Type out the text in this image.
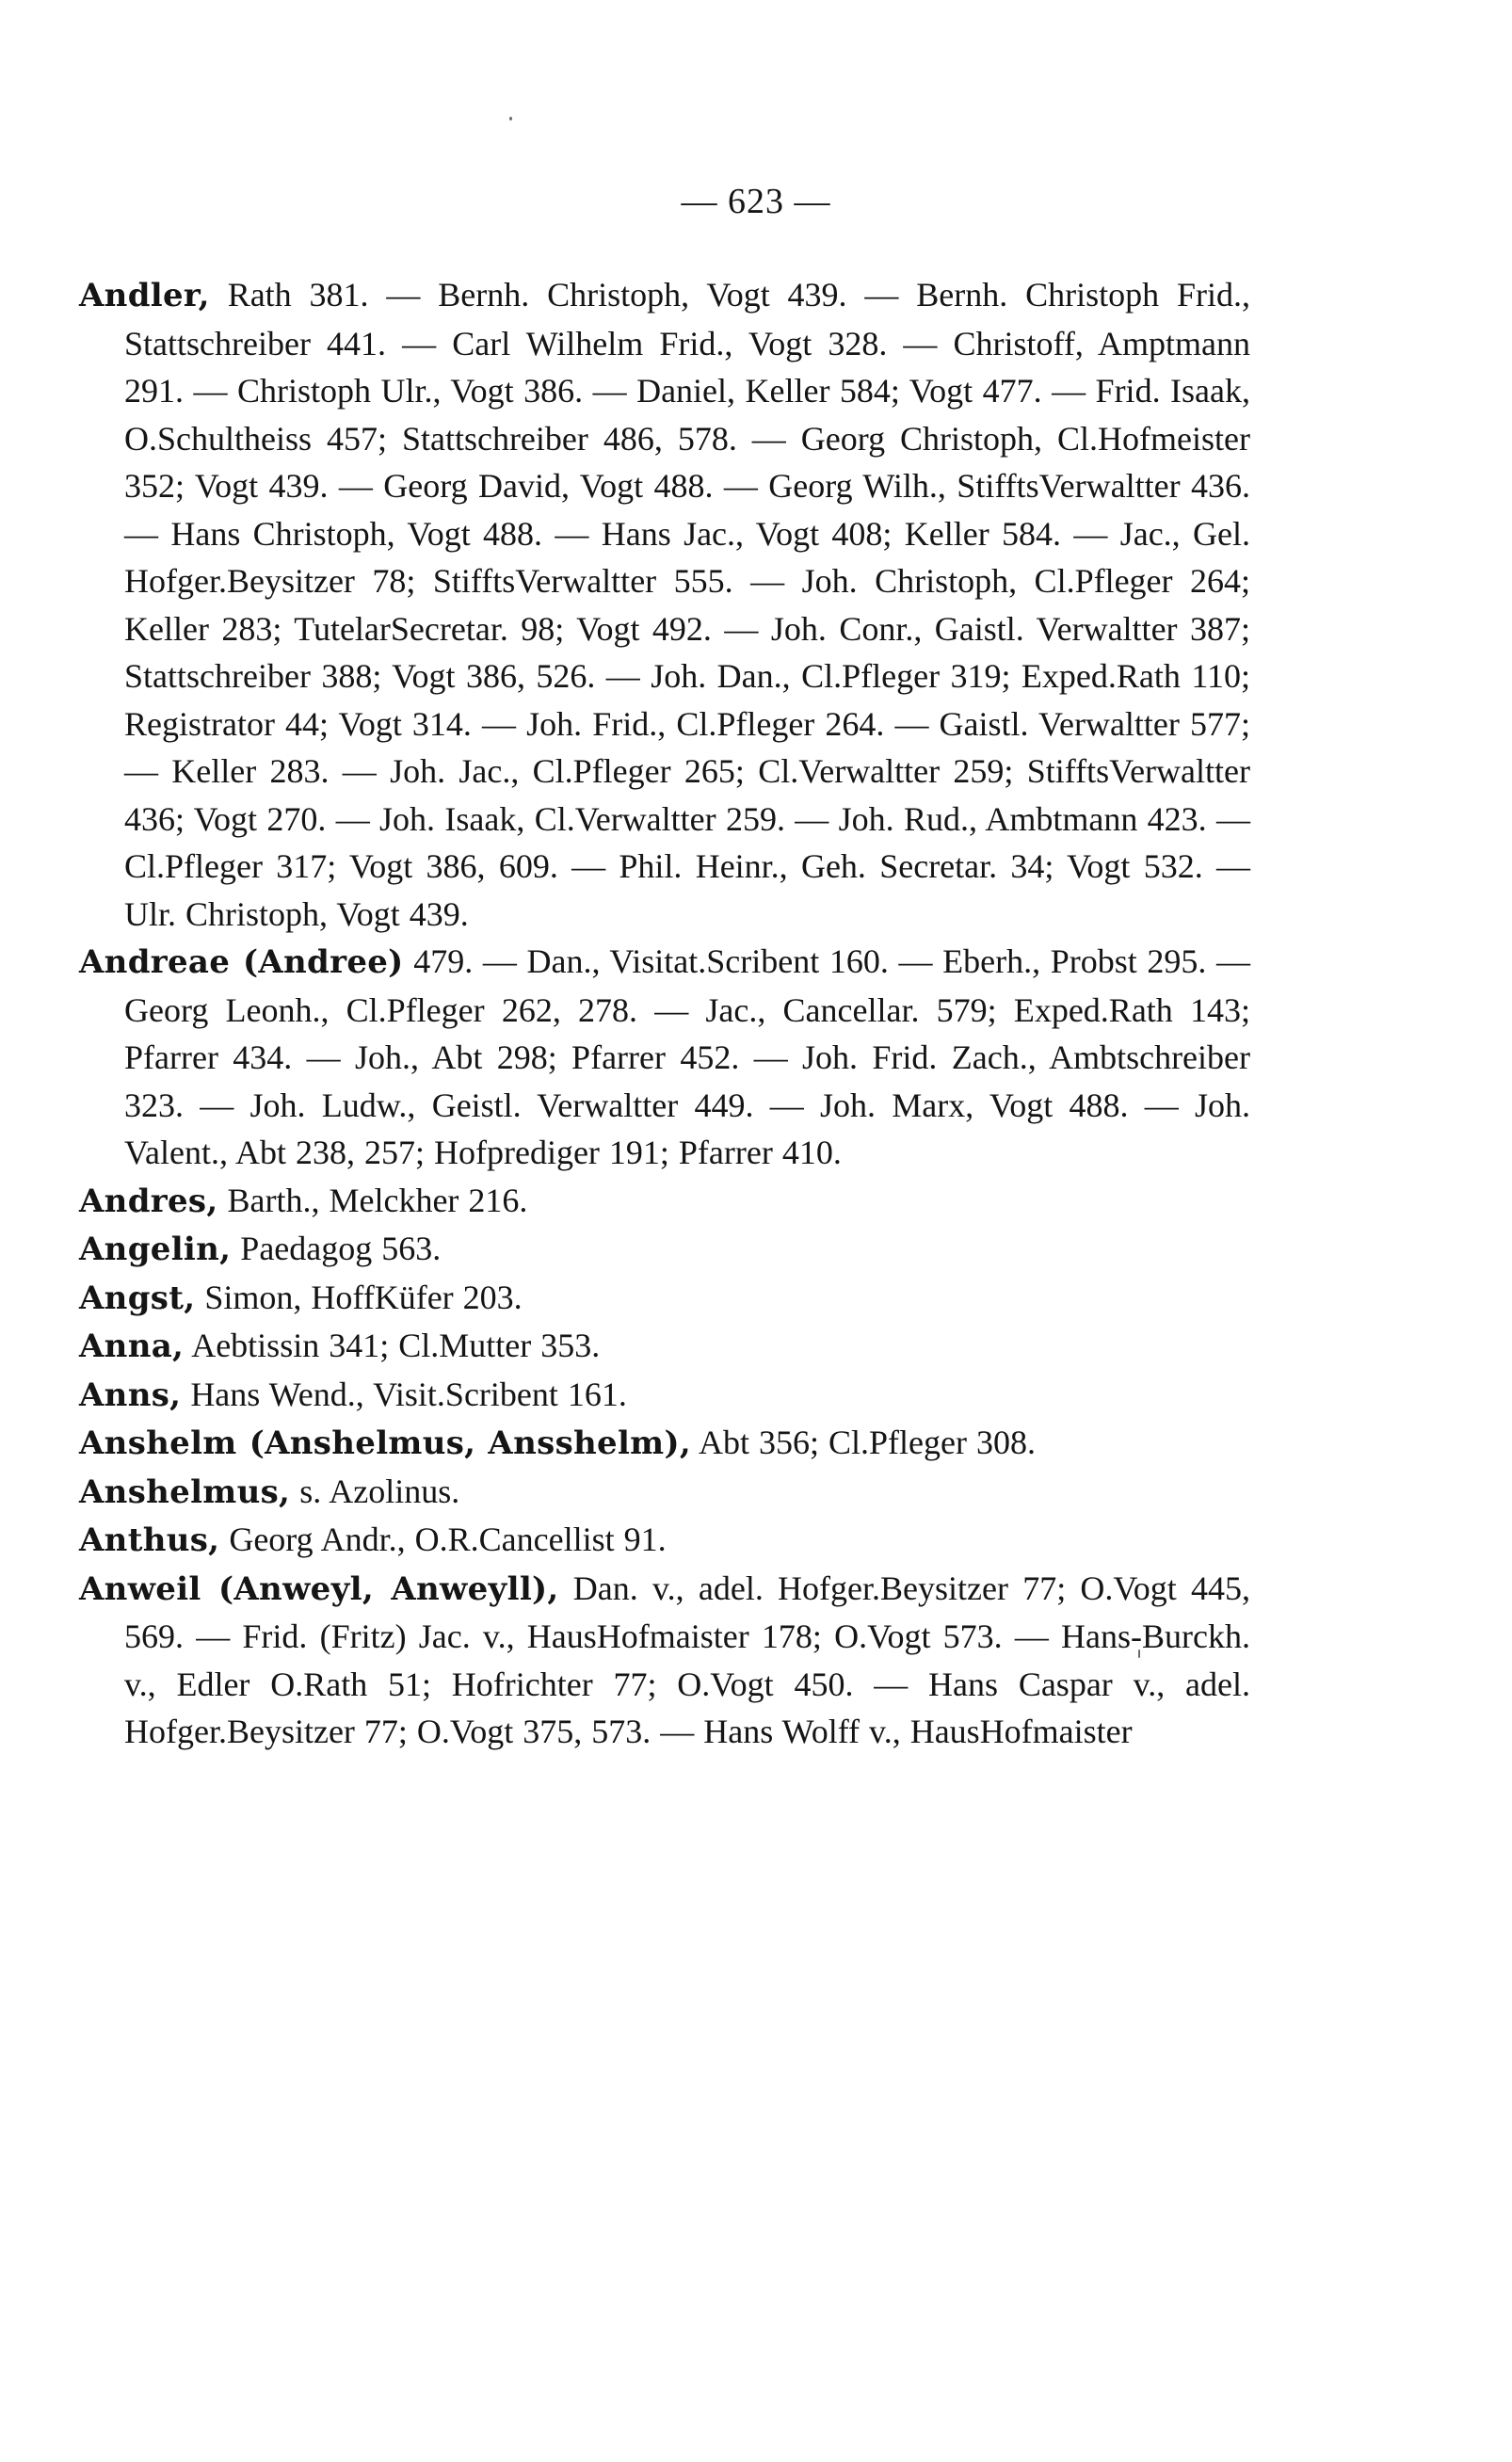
— 623 —

Andler, Rath 381. — Bernh. Christoph, Vogt 439. — Bernh. Christoph Frid., Stattschreiber 441. — Carl Wilhelm Frid., Vogt 328. — Christoff, Amptmann 291. — Christoph Ulr., Vogt 386. — Daniel, Keller 584; Vogt 477. — Frid. Isaak, O.Schultheiss 457; Stattschreiber 486, 578. — Georg Christoph, Cl.Hofmeister 352; Vogt 439. — Georg David, Vogt 488. — Georg Wilh., StifftsVerwaltter 436. — Hans Christoph, Vogt 488. — Hans Jac., Vogt 408; Keller 584. — Jac., Gel. Hofger.Beysitzer 78; StifftsVerwaltter 555. — Joh. Christoph, Cl.Pfleger 264; Keller 283; TutelarSecretar. 98; Vogt 492. — Joh. Conr., Gaistl. Verwaltter 387; Stattschreiber 388; Vogt 386, 526. — Joh. Dan., Cl.Pfleger 319; Exped.Rath 110; Registrator 44; Vogt 314. — Joh. Frid., Cl.Pfleger 264. — Gaistl. Verwaltter 577; — Keller 283. — Joh. Jac., Cl.Pfleger 265; Cl.Verwaltter 259; StifftsVerwaltter 436; Vogt 270. — Joh. Isaak, Cl.Verwaltter 259. — Joh. Rud., Ambtmann 423. — Cl.Pfleger 317; Vogt 386, 609. — Phil. Heinr., Geh. Secretar. 34; Vogt 532. — Ulr. Christoph, Vogt 439.

Andreae (Andree) 479. — Dan., Visitat.Scribent 160. — Eberh., Probst 295. — Georg Leonh., Cl.Pfleger 262, 278. — Jac., Cancellar. 579; Exped.Rath 143; Pfarrer 434. — Joh., Abt 298; Pfarrer 452. — Joh. Frid. Zach., Ambtschreiber 323. — Joh. Ludw., Geistl. Verwaltter 449. — Joh. Marx, Vogt 488. — Joh. Valent., Abt 238, 257; Hofprediger 191; Pfarrer 410.

Andres, Barth., Melckher 216.

Angelin, Paedagog 563.

Angst, Simon, HoffKüfer 203.

Anna, Aebtissin 341; Cl.Mutter 353.

Anns, Hans Wend., Visit.Scribent 161.

Anshelm (Anshelmus, Ansshelm), Abt 356; Cl.Pfleger 308.

Anshelmus, s. Azolinus.

Anthus, Georg Andr., O.R.Cancellist 91.

Anweil (Anweyl, Anweyll), Dan. v., adel. Hofger.Beysitzer 77; O.Vogt 445, 569. — Frid. (Fritz) Jac. v., HausHofmaister 178; O.Vogt 573. — Hans-Burckh. v., Edler O.Rath 51; Hofrichter 77; O.Vogt 450. — Hans Caspar v., adel. Hofger.Beysitzer 77; O.Vogt 375, 573. — Hans Wolff v., HausHofmaister
